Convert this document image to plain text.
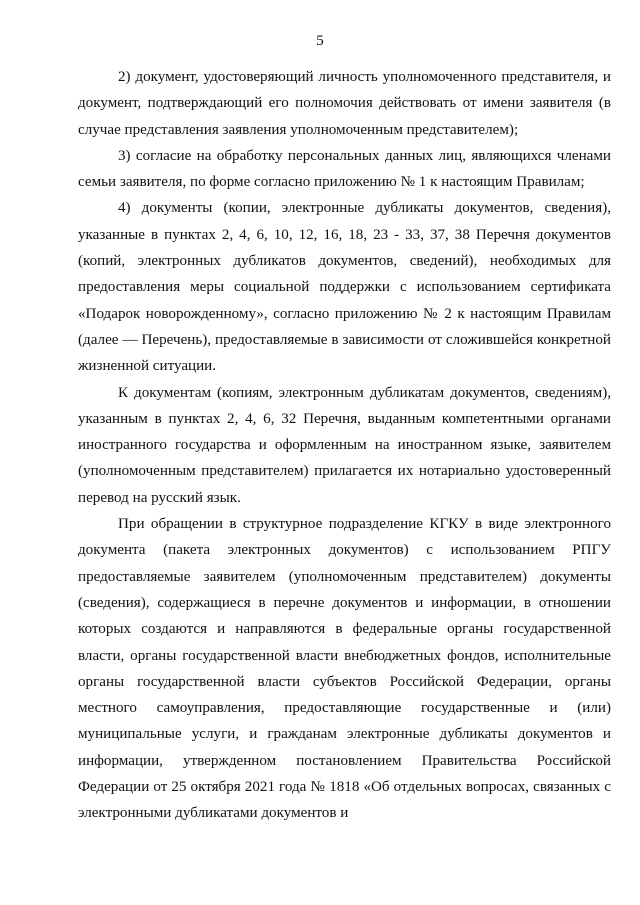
5

2) документ, удостоверяющий личность уполномоченного представителя, и документ, подтверждающий его полномочия действовать от имени заявителя (в случае представления заявления уполномоченным представителем);

3) согласие на обработку персональных данных лиц, являющихся членами семьи заявителя, по форме согласно приложению № 1 к настоящим Правилам;

4) документы (копии, электронные дубликаты документов, сведения), указанные в пунктах 2, 4, 6, 10, 12, 16, 18, 23 - 33, 37, 38 Перечня документов (копий, электронных дубликатов документов, сведений), необходимых для предоставления меры социальной поддержки с использованием сертификата «Подарок новорожденному», согласно приложению № 2 к настоящим Правилам (далее — Перечень), предоставляемые в зависимости от сложившейся конкретной жизненной ситуации.

К документам (копиям, электронным дубликатам документов, сведениям), указанным в пунктах 2, 4, 6, 32 Перечня, выданным компетентными органами иностранного государства и оформленным на иностранном языке, заявителем (уполномоченным представителем) прилагается их нотариально удостоверенный перевод на русский язык.

При обращении в структурное подразделение КГКУ в виде электронного документа (пакета электронных документов) с использованием РПГУ предоставляемые заявителем (уполномоченным представителем) документы (сведения), содержащиеся в перечне документов и информации, в отношении которых создаются и направляются в федеральные органы государственной власти, органы государственной власти внебюджетных фондов, исполнительные органы государственной власти субъектов Российской Федерации, органы местного самоуправления, предоставляющие государственные и (или) муниципальные услуги, и гражданам электронные дубликаты документов и информации, утвержденном постановлением Правительства Российской Федерации от 25 октября 2021 года № 1818 «Об отдельных вопросах, связанных с электронными дубликатами документов и
